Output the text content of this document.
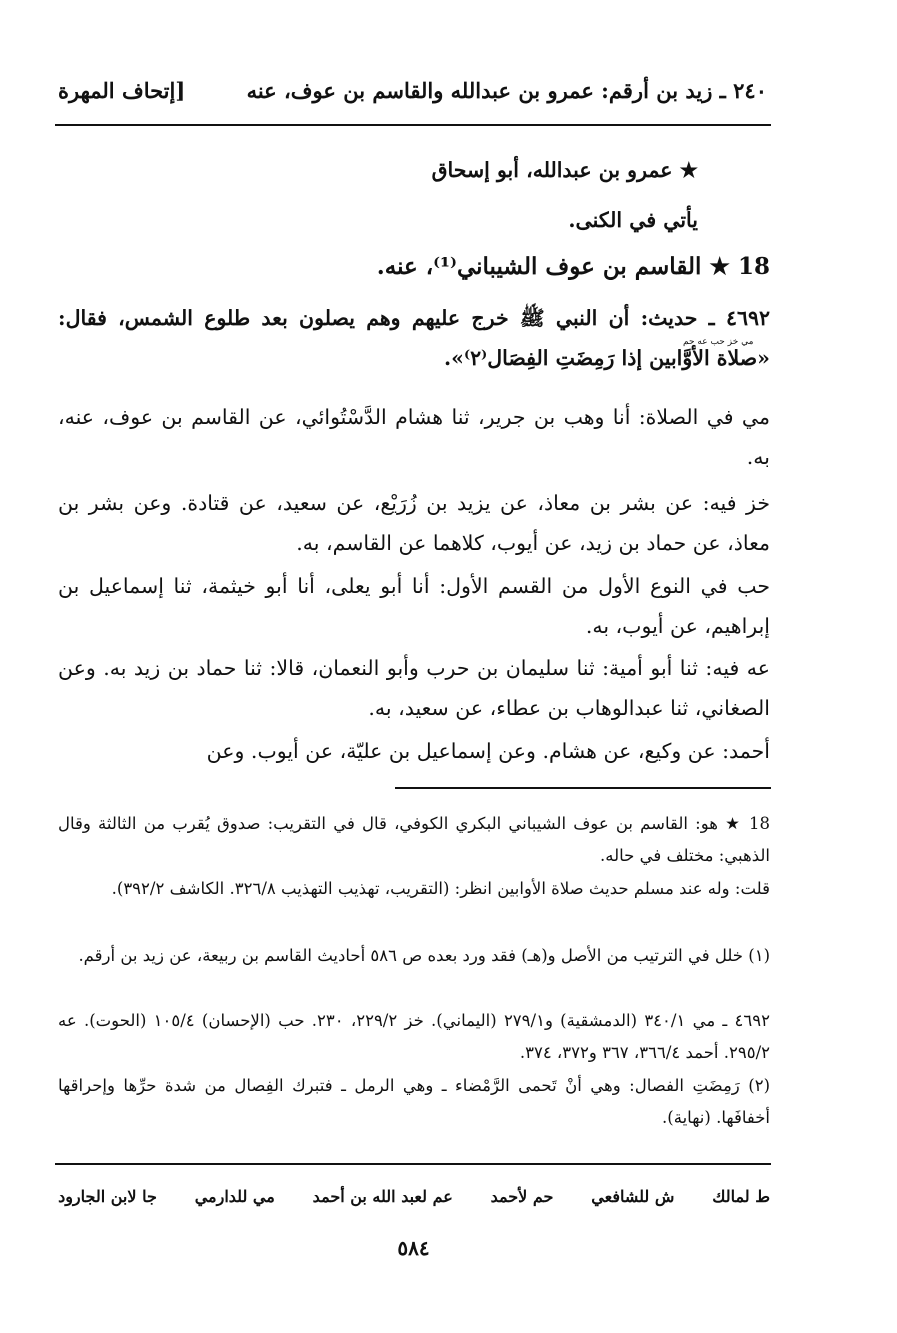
٢٤٠ ـ زيد بن أرقم: عمرو بن عبدالله والقاسم بن عوف، عنه
[إتحاف المهرة
★ عمرو بن عبدالله، أبو إسحاق
يأتي في الكنى.
18 ★ القاسم بن عوف الشيباني⁽¹⁾، عنه.
٤٦٩٢ ـ حديث: أن النبي ﷺ خرج عليهم وهم يصلون بعد طلوع الشمس، فقال: «صلاة الأوَّابين إذا رَمِضَتِ الفِصَال⁽٢⁾».
مي خز حب عه حم
مي في الصلاة: أنا وهب بن جرير، ثنا هشام الدَّسْتُوائي، عن القاسم بن عوف، عنه، به.
خز فيه: عن بشر بن معاذ، عن يزيد بن زُرَيْع، عن سعيد، عن قتادة. وعن بشر بن معاذ، عن حماد بن زيد، عن أيوب، كلاهما عن القاسم، به.
حب في النوع الأول من القسم الأول: أنا أبو يعلى، أنا أبو خيثمة، ثنا إسماعيل بن إبراهيم، عن أيوب، به.
عه فيه: ثنا أبو أمية: ثنا سليمان بن حرب وأبو النعمان، قالا: ثنا حماد بن زيد به. وعن الصغاني، ثنا عبدالوهاب بن عطاء، عن سعيد، به.
أحمد: عن وكيع، عن هشام. وعن إسماعيل بن عليّة، عن أيوب. وعن
18 ★ هو: القاسم بن عوف الشيباني البكري الكوفي، قال في التقريب: صدوق يُقرب من الثالثة وقال الذهبي: مختلف في حاله.
قلت: وله عند مسلم حديث صلاة الأوابين انظر: (التقريب، تهذيب التهذيب ٣٢٦/٨. الكاشف ٣٩٢/٢).
(١) خلل في الترتيب من الأصل و(هـ) فقد ورد بعده ص ٥٨٦ أحاديث القاسم بن ربيعة، عن زيد بن أرقم.
٤٦٩٢ ـ مي ٣٤٠/١ (الدمشقية) و٢٧٩/١ (اليماني). خز ٢٢٩/٢، ٢٣٠. حب (الإحسان) ١٠٥/٤ (الحوت). عه ٢٩٥/٢. أحمد ٣٦٦/٤، ٣٦٧ و٣٧٢، ٣٧٤.
(٢) رَمِضَتِ الفصال: وهي أنْ تَحمى الرَّمْضاء ـ وهي الرمل ـ فتبرك الفِصال من شدة حرِّها وإحراقها أخفافَها. (نهاية).
ط لمالك
ش للشافعي
حم لأحمد
عم لعبد الله بن أحمد
مي للدارمي
جا لابن الجارود
٥٨٤
